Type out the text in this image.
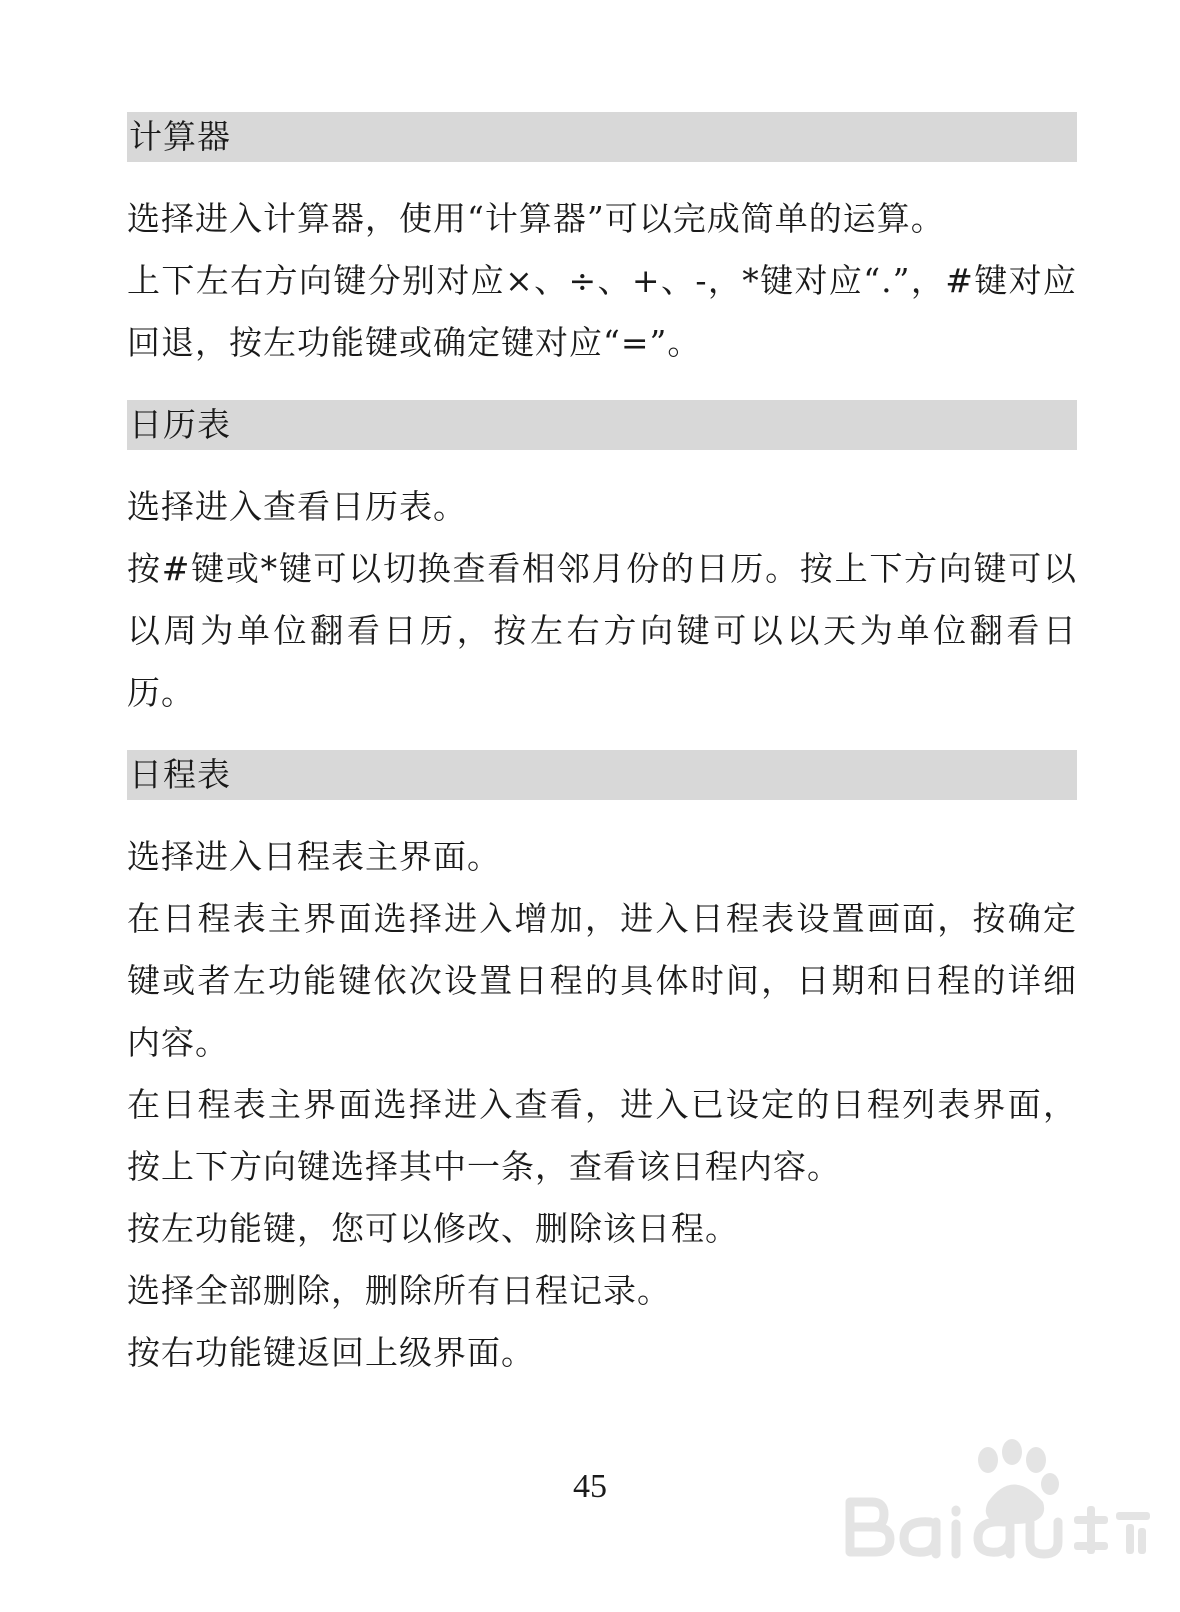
计算器
选择进入计算器，使用“计算器”可以完成简单的运算。
上下左右方向键分别对应×、÷、+、-，*键对应“.”，#键对应回退，按左功能键或确定键对应“=”。
日历表
选择进入查看日历表。
按#键或*键可以切换查看相邻月份的日历。按上下方向键可以以周为单位翻看日历，按左右方向键可以以天为单位翻看日历。
日程表
选择进入日程表主界面。
在日程表主界面选择进入增加，进入日程表设置画面，按确定键或者左功能键依次设置日程的具体时间，日期和日程的详细内容。
在日程表主界面选择进入查看，进入已设定的日程列表界面，按上下方向键选择其中一条，查看该日程内容。
按左功能键，您可以修改、删除该日程。
选择全部删除，删除所有日程记录。
按右功能键返回上级界面。
45
